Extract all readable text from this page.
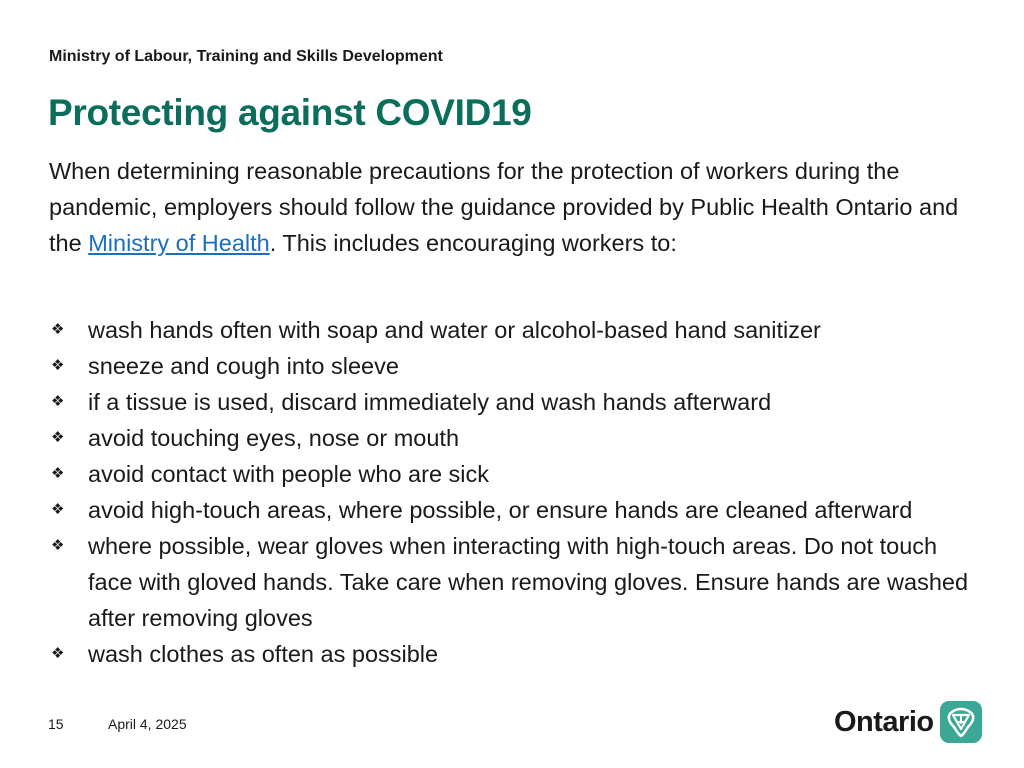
Ministry of Labour, Training and Skills Development
Protecting against COVID19

When determining reasonable precautions for the protection of workers during the pandemic, employers should follow the guidance provided by Public Health Ontario and the Ministry of Health. This includes encouraging workers to:

❖ wash hands often with soap and water or alcohol-based hand sanitizer
❖ sneeze and cough into sleeve
❖ if a tissue is used, discard immediately and wash hands afterward
❖ avoid touching eyes, nose or mouth
❖ avoid contact with people who are sick
❖ avoid high-touch areas, where possible, or ensure hands are cleaned afterward
❖ where possible, wear gloves when interacting with high-touch areas. Do not touch face with gloved hands. Take care when removing gloves. Ensure hands are washed after removing gloves
❖ wash clothes as often as possible
15	April 4, 2025	Ontario
